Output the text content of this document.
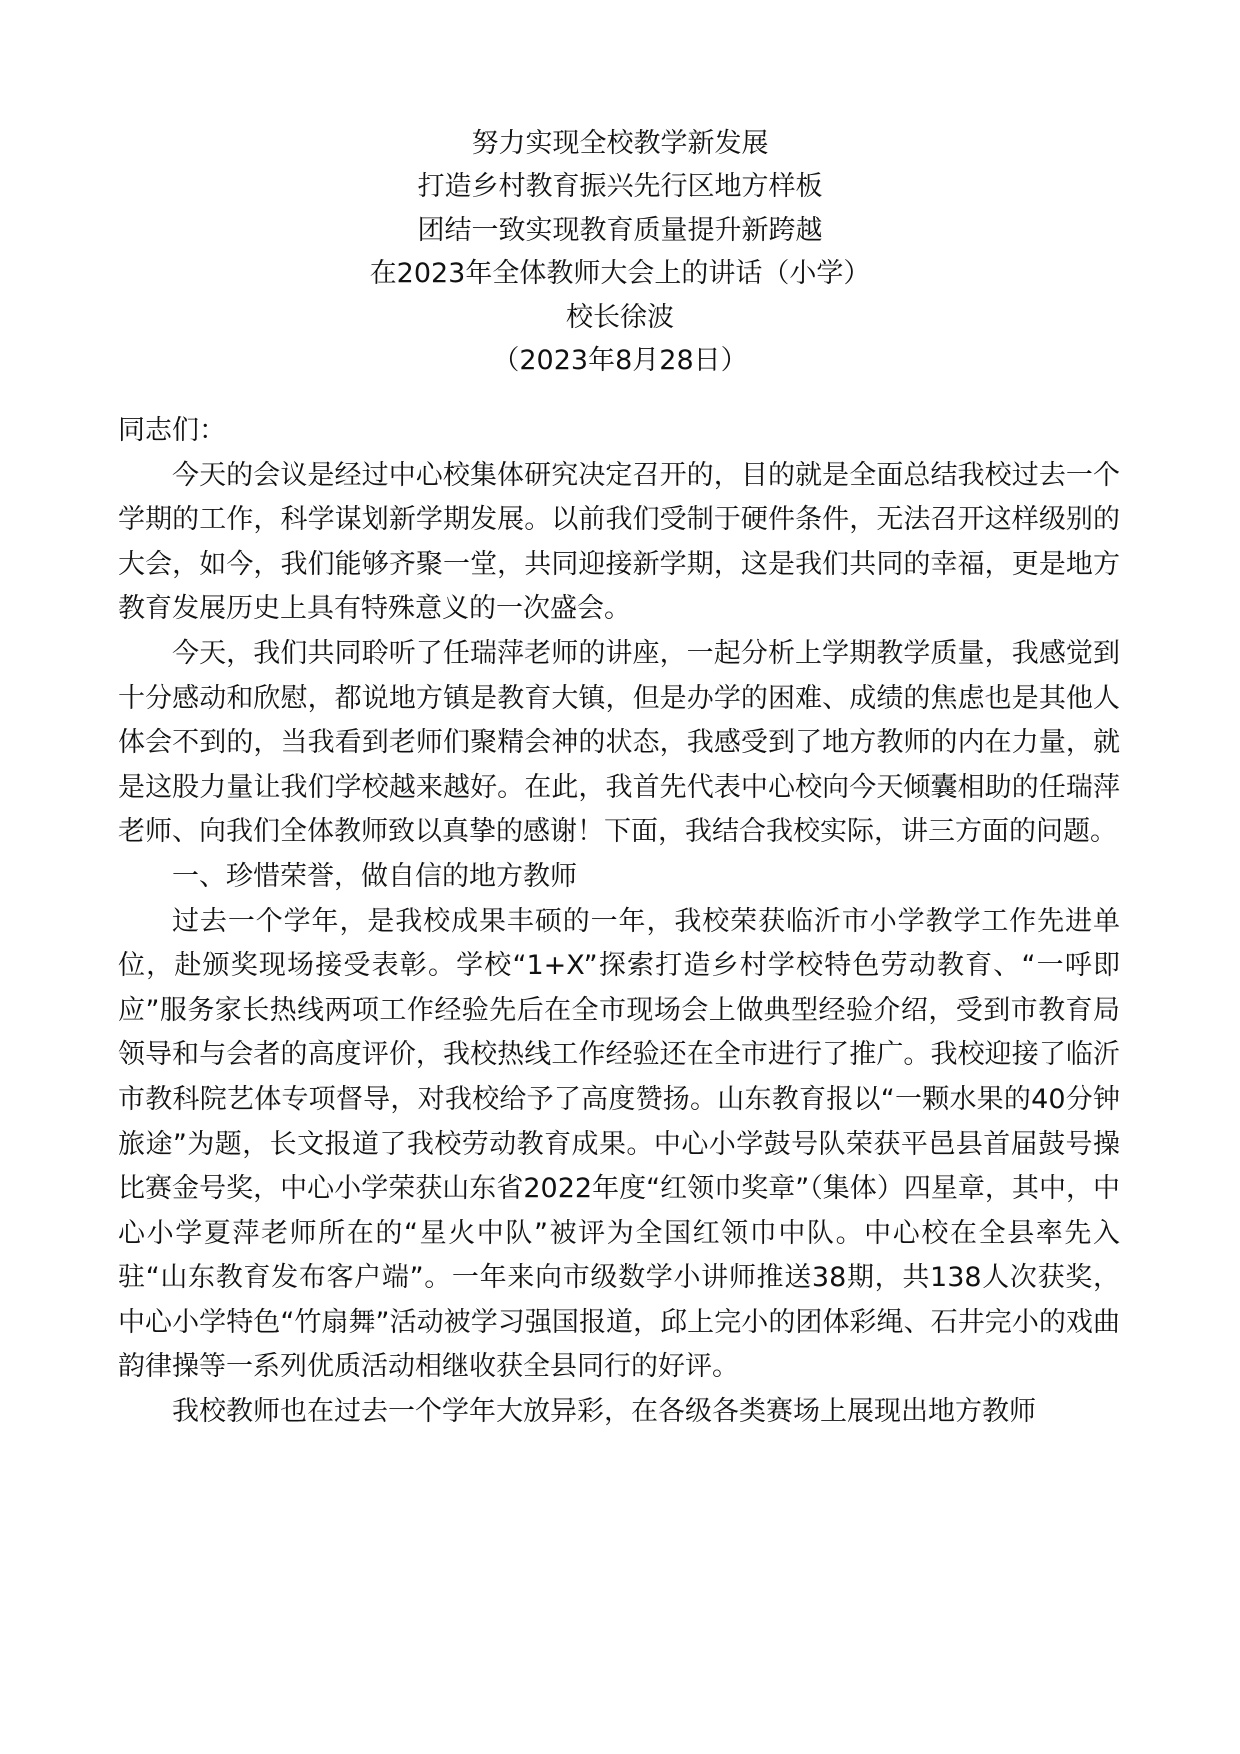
努力实现全校教学新发展
打造乡村教育振兴先行区地方样板
团结一致实现教育质量提升新跨越
在2023年全体教师大会上的讲话（小学）
校长徐波
（2023年8月28日）

同志们：

今天的会议是经过中心校集体研究决定召开的，目的就是全面总结我校过去一个学期的工作，科学谋划新学期发展。以前我们受制于硬件条件，无法召开这样级别的大会，如今，我们能够齐聚一堂，共同迎接新学期，这是我们共同的幸福，更是地方教育发展历史上具有特殊意义的一次盛会。

今天，我们共同聆听了任瑞萍老师的讲座，一起分析上学期教学质量，我感觉到十分感动和欣慰，都说地方镇是教育大镇，但是办学的困难、成绩的焦虑也是其他人体会不到的，当我看到老师们聚精会神的状态，我感受到了地方教师的内在力量，就是这股力量让我们学校越来越好。在此，我首先代表中心校向今天倾囊相助的任瑞萍老师、向我们全体教师致以真挚的感谢！下面，我结合我校实际，讲三方面的问题。

一、珍惜荣誉，做自信的地方教师

过去一个学年，是我校成果丰硕的一年，我校荣获临沂市小学教学工作先进单位，赴颁奖现场接受表彰。学校“1+X”探索打造乡村学校特色劳动教育、“一呼即应”服务家长热线两项工作经验先后在全市现场会上做典型经验介绍，受到市教育局领导和与会者的高度评价，我校热线工作经验还在全市进行了推广。我校迎接了临沂市教科院艺体专项督导，对我校给予了高度赞扬。山东教育报以“一颗水果的40分钟旅途”为题，长文报道了我校劳动教育成果。中心小学鼓号队荣获平邑县首届鼓号操比赛金号奖，中心小学荣获山东省2022年度“红领巾奖章”（集体）四星章，其中，中心小学夏萍老师所在的“星火中队”被评为全国红领巾中队。中心校在全县率先入驻“山东教育发布客户端”。一年来向市级数学小讲师推送38期，共138人次获奖，中心小学特色“竹扇舞”活动被学习强国报道，邱上完小的团体彩绳、石井完小的戏曲韵律操等一系列优质活动相继收获全县同行的好评。

我校教师也在过去一个学年大放异彩，在各级各类赛场上展现出地方教师
